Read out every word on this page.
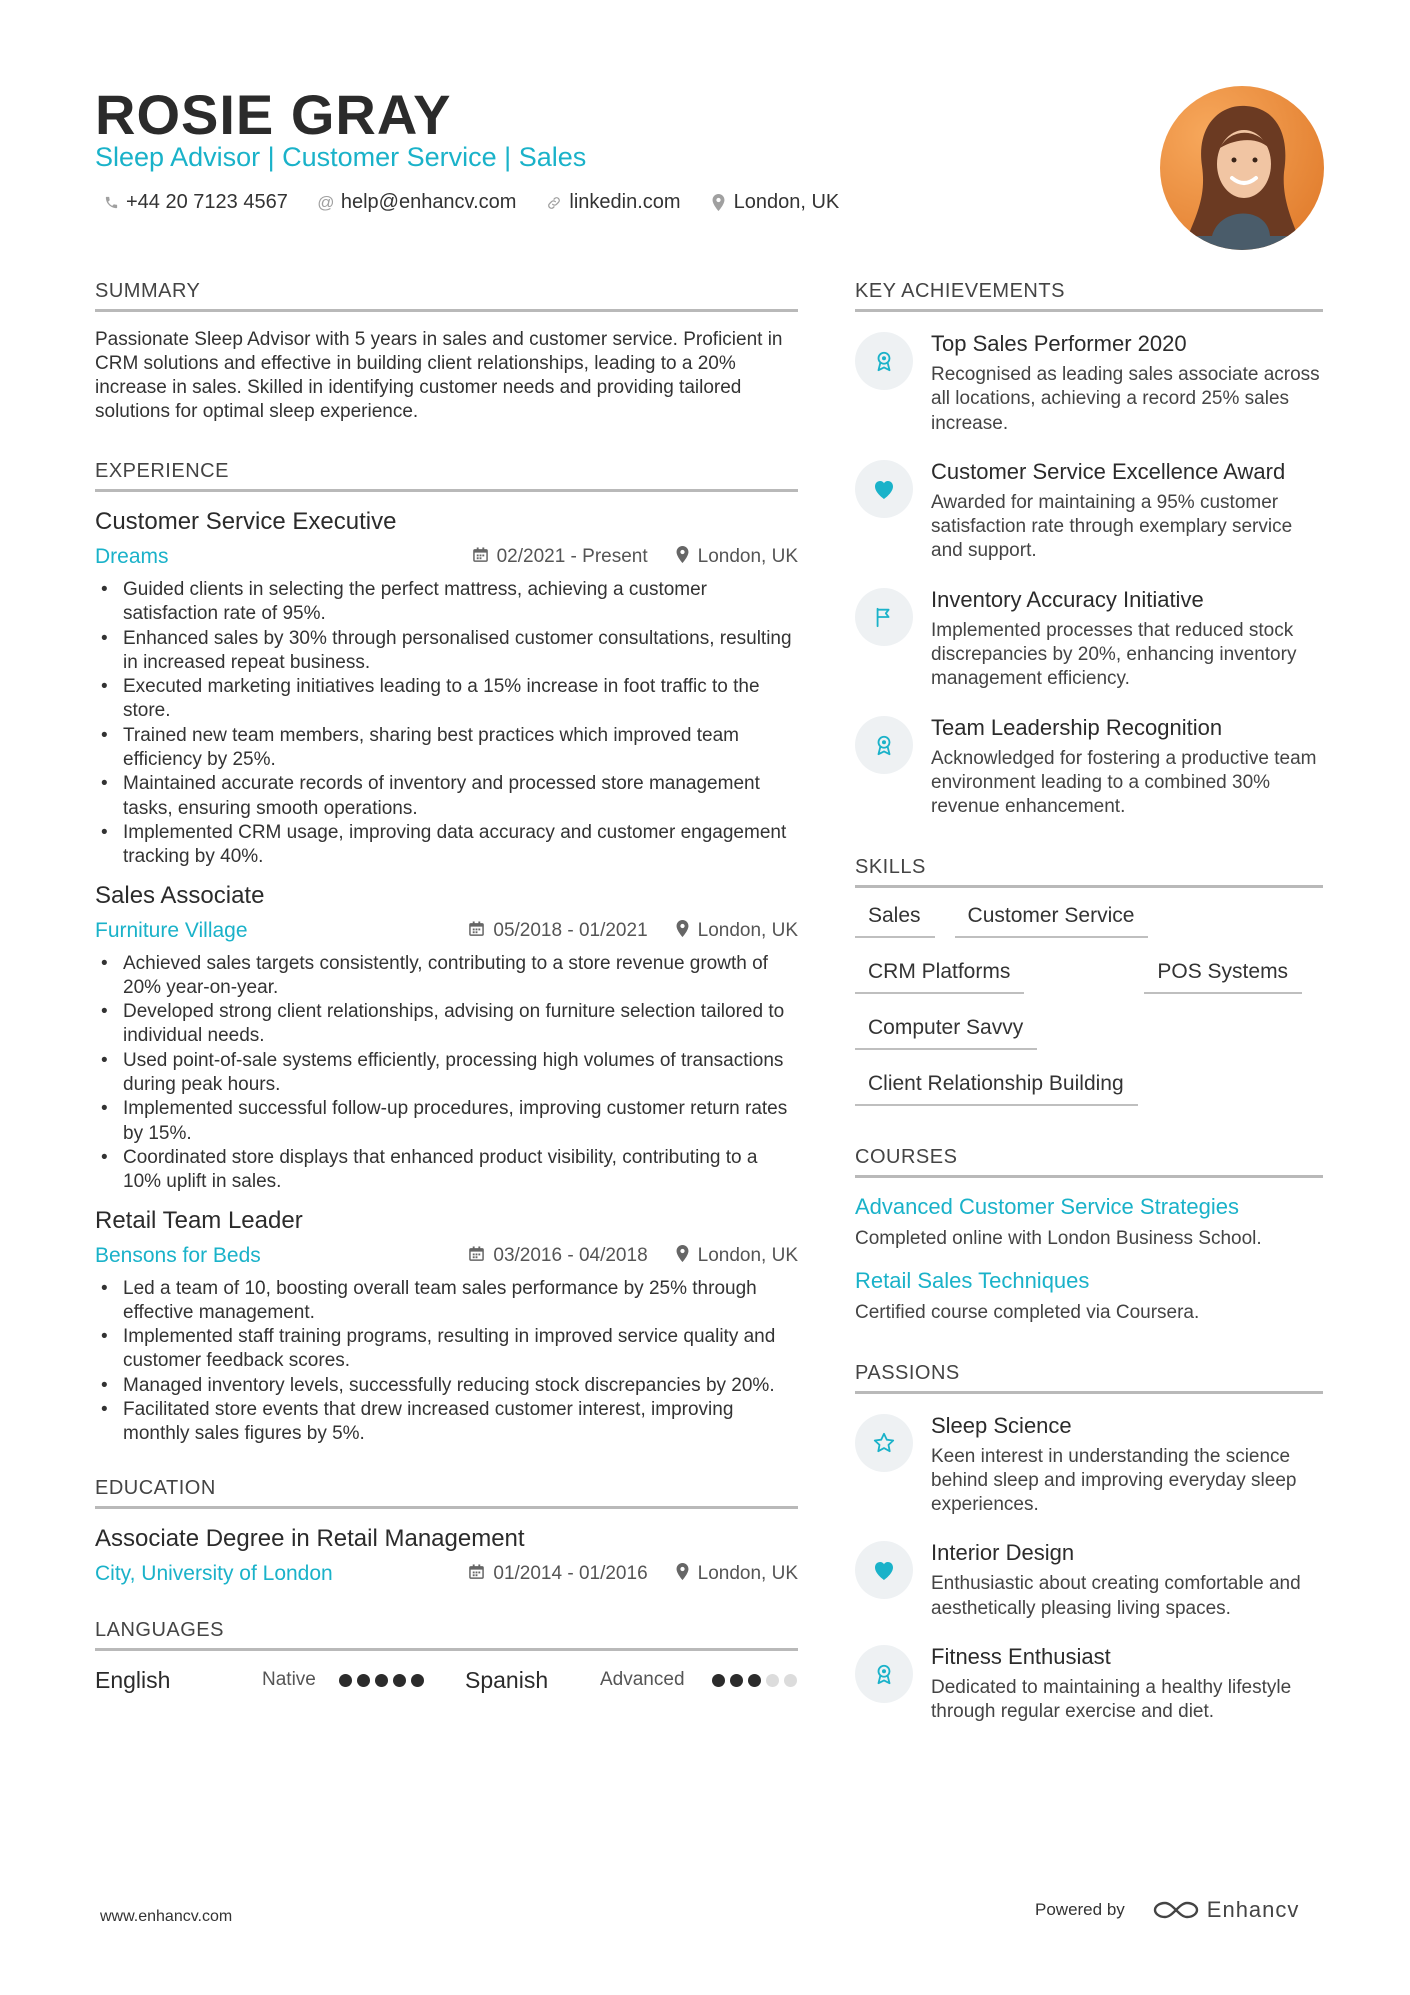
ROSIE GRAY
Sleep Advisor | Customer Service | Sales
+44 20 7123 4567 @ help@enhancv.com	linkedin.com	London, UK
SUMMARY
Passionate Sleep Advisor with 5 years in sales and customer service. Proficient in CRM solutions and effective in building client relationships, leading to a 20% increase in sales. Skilled in identifying customer needs and providing tailored solutions for optimal sleep experience.
EXPERIENCE
Customer Service Executive
Dreams	02/2021 - Present	London, UK
• Guided clients in selecting the perfect mattress, achieving a customer satisfaction rate of 95%.
• Enhanced sales by 30% through personalised customer consultations, resulting in increased repeat business.
• Executed marketing initiatives leading to a 15% increase in foot traffic to the store.
• Trained new team members, sharing best practices which improved team efficiency by 25%.
• Maintained accurate records of inventory and processed store management tasks, ensuring smooth operations.
• Implemented CRM usage, improving data accuracy and customer engagement tracking by 40%.
Sales Associate
Furniture Village	05/2018 - 01/2021	London, UK
• Achieved sales targets consistently, contributing to a store revenue growth of 20% year-on-year.
• Developed strong client relationships, advising on furniture selection tailored to individual needs.
• Used point-of-sale systems efficiently, processing high volumes of transactions during peak hours.
• Implemented successful follow-up procedures, improving customer return rates by 15%.
• Coordinated store displays that enhanced product visibility, contributing to a 10% uplift in sales.
Retail Team Leader
Bensons for Beds	03/2016 - 04/2018	London, UK
• Led a team of 10, boosting overall team sales performance by 25% through effective management.
• Implemented staff training programs, resulting in improved service quality and customer feedback scores.
• Managed inventory levels, successfully reducing stock discrepancies by 20%.
• Facilitated store events that drew increased customer interest, improving monthly sales figures by 5%.
EDUCATION
Associate Degree in Retail Management
City, University of London	01/2014 - 01/2016	London, UK
LANGUAGES
English	Native	Spanish	Advanced
KEY ACHIEVEMENTS
Top Sales Performer 2020
Recognised as leading sales associate across all locations, achieving a record 25% sales increase.
Customer Service Excellence Award
Awarded for maintaining a 95% customer satisfaction rate through exemplary service and support.
Inventory Accuracy Initiative
Implemented processes that reduced stock discrepancies by 20%, enhancing inventory management efficiency.
Team Leadership Recognition
Acknowledged for fostering a productive team environment leading to a combined 30% revenue enhancement.
SKILLS
Sales	Customer Service
CRM Platforms	POS Systems
Computer Savvy
Client Relationship Building
COURSES
Advanced Customer Service Strategies
Completed online with London Business School.
Retail Sales Techniques
Certified course completed via Coursera.
PASSIONS
Sleep Science
Keen interest in understanding the science behind sleep and improving everyday sleep experiences.
Interior Design
Enthusiastic about creating comfortable and aesthetically pleasing living spaces.
Fitness Enthusiast
Dedicated to maintaining a healthy lifestyle through regular exercise and diet.
www.enhancv.com	Powered by	Enhancv
